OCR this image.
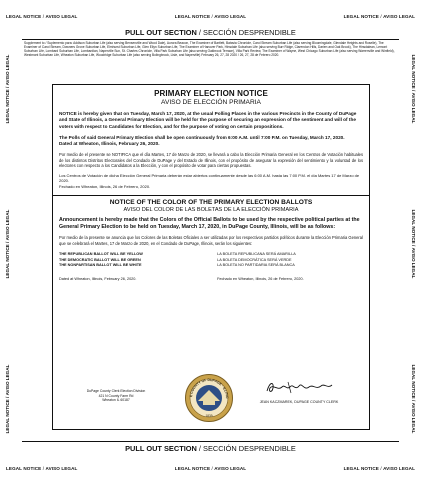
LEGAL NOTICE / AVISO LEGAL	LEGAL NOTICE / AVISO LEGAL	LEGAL NOTICE / AVISO LEGAL
LEGAL NOTICE / AVISO LEGAL	LEGAL NOTICE / AVISO LEGAL	LEGAL NOTICE / AVISO LEGAL
LEGAL NOTICE

/

AVISO LEGAL
LEGAL NOTICE

/

AVISO LEGAL
LEGAL NOTICE

/

AVISO LEGAL
LEGAL NOTICE

/

AVISO LEGAL
LEGAL NOTICE

/

AVISO LEGAL
LEGAL NOTICE

/

AVISO LEGAL
PULL OUT SECTION / SECCIÓN DESPRENDIBLE
Supplement to / Suplemento para: Addison Suburban Life (also serving Bensenville and Wood Dale), Aurora Beacon, The Examiner of Bartlett, Batavia Chronicle, Carol Stream Suburban Life (also serving Bloomingdale, Glendale Heights and Roselle), The Examiner of Carol Stream, Downers Grove Suburban Life, Elmhurst Suburban Life, Glen Ellyn Suburban Life, The Examiner of Hanover Park, Hinsdale Suburban Life (also serving Burr Ridge, Clarendon Hills, Darien and Oak Brook), The Hinsdalean, Lemont Suburban Life, Lombard Suburban Life, Lombardian, Naperville Sun, St. Charles Chronicle, Villa Park Suburban Life (also serving Oakbrook Terrace), Villa Park Review, The Examiner of Wayne, West Chicago Suburban Life (also serving Warrenville and Winfield), Westmont Suburban Life, Wheaton Suburban Life, Woodridge Suburban Life (also serving Bolingbrook, Lisle, and Naperville) February 26, 27, 28 2020 / 26, 27, 28 de Febrero 2020.
PRIMARY ELECTION NOTICE
AVISO DE ELECCIÓN PRIMARIA
NOTICE is hereby given that on Tuesday, March 17, 2020, at the usual Polling Places in the various Precincts in the County of DuPage and State of Illinois, a General Primary Election will be held for the purpose of securing an expression of the sentiment and will of the voters with respect to Candidates for Election, and for the purpose of voting on certain propositions.
The Polls of said General Primary Election shall be open continuously from 6:00 A.M. until 7:00 P.M. on Tuesday, March 17, 2020.
Dated at Wheaton, Illinois, February 26, 2020.
Por medio de el presente se NOTIFICA que el día Martes, 17 de Marzo de 2020, se llevará a cabo la Elección Primaria General en los Centros de Votación habituales de los distintos Distritos Electorales del Condado de DuPage y del Estado de Illinois, con el propósito de asegurar la expresión del sentimiento y la voluntad de los electores con respecto a los Candidatos a la Elección, y con el propósito de votar para ciertas propuestas.
Los Centros de Votación de dicha Elección General Primaria deberán estar abiertos continuamente desde las 6:00 A.M. hasta las 7:00 P.M. el día Martes 17 de Marzo de 2020.
Fechado en Wheaton, Illinois, 26 de Febrero, 2020.
NOTICE OF THE COLOR OF THE PRIMARY ELECTION BALLOTS
AVISO DEL COLOR DE LAS BOLETAS DE LA ELECCIÓN PRIMARIA
Announcement is hereby made that the Colors of the Official Ballots to be used by the respective political parties at the General Primary Election to be held on Tuesday, March 17, 2020, in DuPage County, Illinois, will be as follows:
Por medio de la presente se anuncia que los Colores de las Boletas Oficiales a ser utilizadas por los respectivos partidos políticos durante la Elección Primaria General que se celebrará el Martes, 17 de Marzo de 2020, en el Condado de DuPage, Illinois, serán los siguientes:
THE REPUBLICAN BALLOT WILL BE YELLOW
THE DEMOCRATIC BALLOT WILL BE GREEN
THE NONPARTISAN BALLOT WILL BE WHITE
LA BOLETA REPUBLICANA SERÁ AMARILLA
LA BOLETA DEMOCRÁTICA SERÁ VERDE
LA BOLETA NO PARTIDARIA SERÁ BLANCA
Dated at Wheaton, Illinois, February 26, 2020.	Fechado en Wheaton, Illinois, 26 de Febrero, 2020.
DuPage County Clerk Election Division
421 N County Farm Rd
Wheaton IL 60187
E COUNTY OF DUPAGE · ILLINO
1839
JEAN KACZMAREK, DUPAGE COUNTY CLERK
PULL OUT SECTION / SECCIÓN DESPRENDIBLE
